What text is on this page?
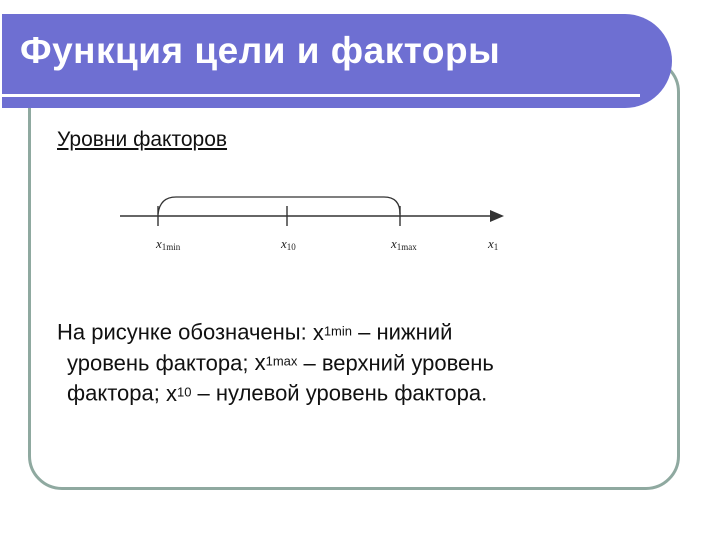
Функция цели и факторы

Уровни факторов

x1min	x10	x1max	x1

На рисунке обозначены: $x_{1min}$ – нижний
уровень фактора; $x_{1max}$ – верхний уровень
фактора; $x_{10}$ – нулевой уровень фактора.
